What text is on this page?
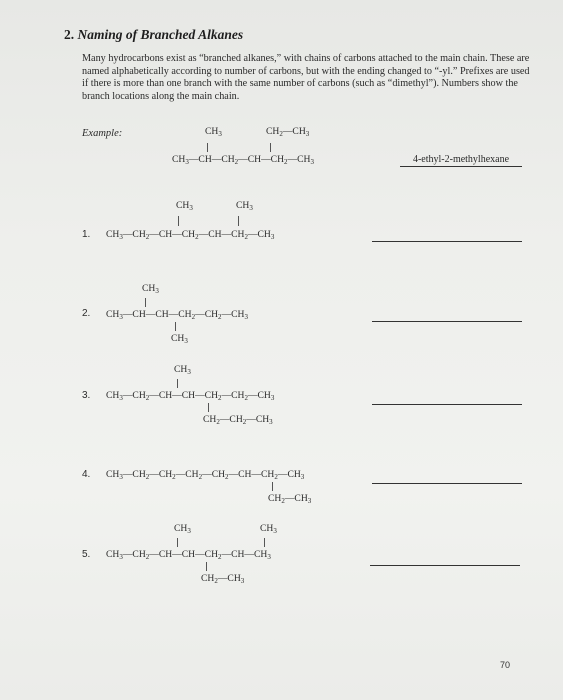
2. Naming of Branched Alkanes
Many hydrocarbons exist as “branched alkanes,” with chains of carbons attached to the main chain. These are named alphabetically according to number of carbons, but with the ending changed to “-yl.” Prefixes are used if there is more than one branch with the same number of carbons (such as “dimethyl”). Numbers show the branch locations along the main chain.
Example:	$CH_3$	$CH_2—CH_3$
$CH_3—CH—CH_2—CH—CH_2—CH_3$	4-ethyl-2-methylhexane
1.
$CH_3$	$CH_3$
$CH_3—CH_2—CH—CH_2—CH—CH_2—CH_3$
2.
$CH_3$
$CH_3—CH—CH—CH_2—CH_2—CH_3$
$CH_3$
3.
$CH_3$
$CH_3—CH_2—CH—CH—CH_2—CH_2—CH_3$
$CH_2—CH_2—CH_3$
4. $CH_3—CH_2—CH_2—CH_2—CH_2—CH—CH_2—CH_3$
$CH_2—CH_3$
5.
$CH_3$	$CH_3$
$CH_3—CH_2—CH—CH—CH_2—CH—CH_3$
$CH_2—CH_3$
70
